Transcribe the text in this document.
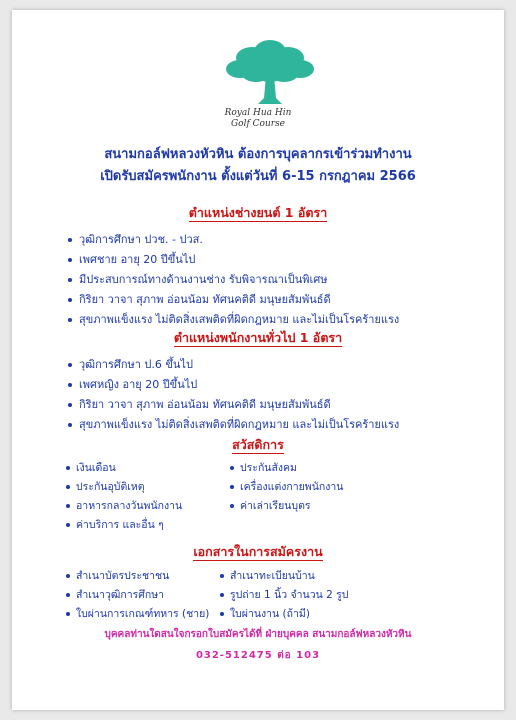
Royal Hua Hin
Golf Course
สนามกอล์ฟหลวงหัวหิน ต้องการบุคลากรเข้าร่วมทำงาน
เปิดรับสมัครพนักงาน ตั้งแต่วันที่ 6-15 กรกฎาคม 2566
ตำแหน่งช่างยนต์ 1 อัตรา
วุฒิการศึกษา ปวช. - ปวส.
เพศชาย อายุ 20 ปีขึ้นไป
มีประสบการณ์ทางด้านงานช่าง รับพิจารณาเป็นพิเศษ
กิริยา วาจา สุภาพ อ่อนน้อม ทัศนคติดี มนุษยสัมพันธ์ดี
สุขภาพแข็งแรง ไม่ติดสิ่งเสพติดที่ผิดกฎหมาย และไม่เป็นโรคร้ายแรง
ตำแหน่งพนักงานทั่วไป 1 อัตรา
วุฒิการศึกษา ป.6 ขึ้นไป
เพศหญิง อายุ 20 ปีขึ้นไป
กิริยา วาจา สุภาพ อ่อนน้อม ทัศนคติดี มนุษยสัมพันธ์ดี
สุขภาพแข็งแรง ไม่ติดสิ่งเสพติดที่ผิดกฎหมาย และไม่เป็นโรคร้ายแรง
สวัสดิการ
เงินเดือน
ประกันอุบัติเหตุ
อาหารกลางวันพนักงาน
ค่าบริการ และอื่น ๆ
ประกันสังคม
เครื่องแต่งกายพนักงาน
ค่าเล่าเรียนบุตร
เอกสารในการสมัครงาน
สำเนาบัตรประชาชน
สำเนาวุฒิการศึกษา
ใบผ่านการเกณฑ์ทหาร (ชาย)
สำเนาทะเบียนบ้าน
รูปถ่าย 1 นิ้ว จำนวน 2 รูป
ใบผ่านงาน (ถ้ามี)
บุคคลท่านใดสนใจกรอกใบสมัครได้ที่ ฝ่ายบุคคล สนามกอล์ฟหลวงหัวหิน
032-512475 ต่อ 103
